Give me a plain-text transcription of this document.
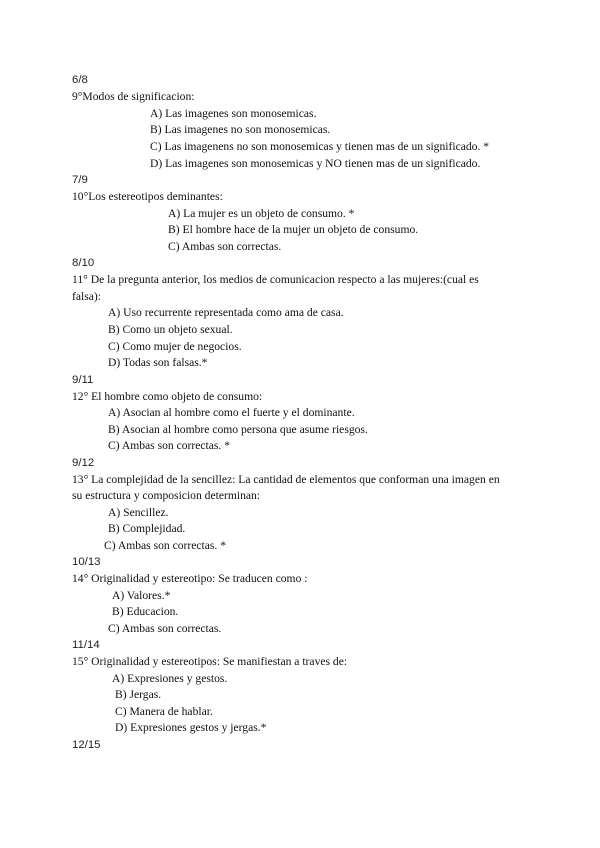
6/8
9°Modos de significacion:
A) Las imagenes son monosemicas.
B) Las imagenes no son monosemicas.
C) Las imagenens no son monosemicas y tienen mas de un significado. *
D) Las imagenes son monosemicas y NO tienen mas de un significado.
7/9
10°Los estereotipos deminantes:
A) La mujer es un objeto de consumo. *
B) El hombre hace de la mujer un objeto de consumo.
C) Ambas son correctas.
8/10
11° De la pregunta anterior, los medios de comunicacion respecto a las mujeres:(cual es
falsa):
A) Uso recurrente representada como ama de casa.
B) Como un objeto sexual.
C) Como mujer de negocios.
D) Todas son falsas.*
9/11
12° El hombre como objeto de consumo:
A) Asocian al hombre como el fuerte y el dominante.
B) Asocian al hombre como persona que asume riesgos.
C) Ambas son correctas. *
9/12
13° La complejidad de la sencillez: La cantidad de elementos que conforman una imagen en
su estructura y composicion determinan:
A) Sencillez.
B) Complejidad.
C) Ambas son correctas. *
10/13
14° Originalidad y estereotipo: Se traducen como :
A) Valores.*
B) Educacion.
C) Ambas son correctas.
11/14
15° Originalidad y estereotipos: Se manifiestan a traves de:
A) Expresiones y gestos.
B) Jergas.
C) Manera de hablar.
D) Expresiones gestos y jergas.*
12/15
